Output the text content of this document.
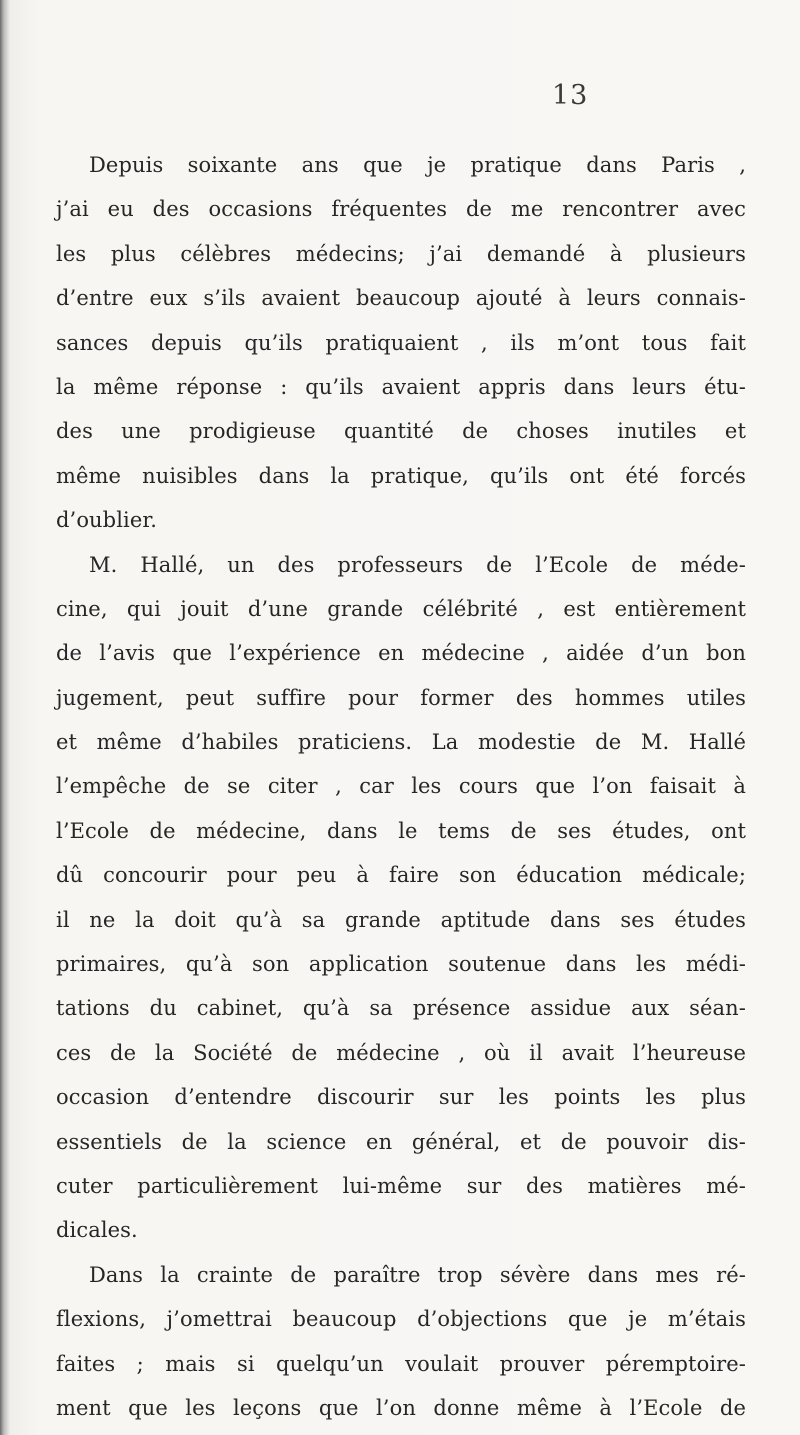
13
Depuis soixante ans que je pratique dans Paris ,
j’ai eu des occasions fréquentes de me rencontrer avec
les plus célèbres médecins; j’ai demandé à plusieurs
d’entre eux s’ils avaient beaucoup ajouté à leurs connais-
sances depuis qu’ils pratiquaient , ils m’ont tous fait
la même réponse : qu’ils avaient appris dans leurs étu-
des une prodigieuse quantité de choses inutiles et
même nuisibles dans la pratique, qu’ils ont été forcés
d’oublier.
M. Hallé, un des professeurs de l’Ecole de méde-
cine, qui jouit d’une grande célébrité , est entièrement
de l’avis que l’expérience en médecine , aidée d’un bon
jugement, peut suffire pour former des hommes utiles
et même d’habiles praticiens. La modestie de M. Hallé
l’empêche de se citer , car les cours que l’on faisait à
l’Ecole de médecine, dans le tems de ses études, ont
dû concourir pour peu à faire son éducation médicale;
il ne la doit qu’à sa grande aptitude dans ses études
primaires, qu’à son application soutenue dans les médi-
tations du cabinet, qu’à sa présence assidue aux séan-
ces de la Société de médecine , où il avait l’heureuse
occasion d’entendre discourir sur les points les plus
essentiels de la science en général, et de pouvoir dis-
cuter particulièrement lui-même sur des matières mé-
dicales.
Dans la crainte de paraître trop sévère dans mes ré-
flexions, j’omettrai beaucoup d’objections que je m’étais
faites ; mais si quelqu’un voulait prouver péremptoire-
ment que les leçons que l’on donne même à l’Ecole de
